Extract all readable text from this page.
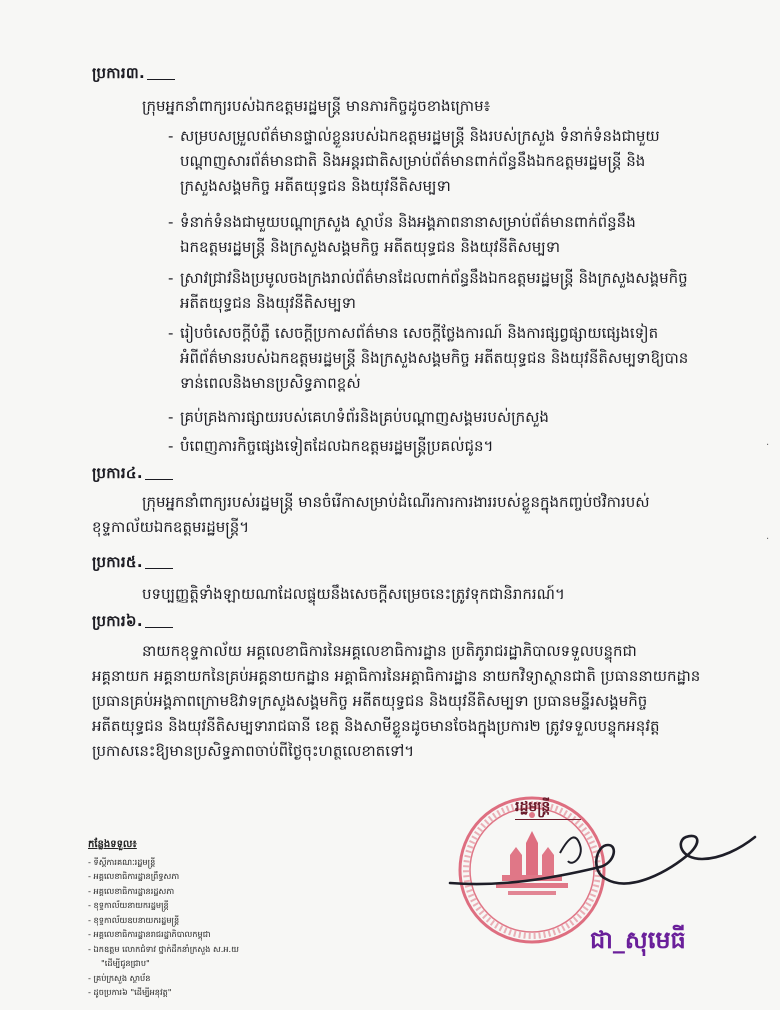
ប្រការ៣.
ក្រុមអ្នកនាំពាក្យរបស់ឯកឧត្តមរដ្ឋមន្ត្រី មានភារកិច្ចដូចខាងក្រោម៖
- សម្របសម្រួលព័ត៌មានផ្ទាល់ខ្លួនរបស់ឯកឧត្តមរដ្ឋមន្ត្រី និងរបស់ក្រសួង ទំនាក់ទំនងជាមួយ
បណ្តាញសារព័ត៌មានជាតិ និងអន្តរជាតិសម្រាប់ព័ត៌មានពាក់ព័ន្ធនឹងឯកឧត្តមរដ្ឋមន្ត្រី និង
ក្រសួងសង្គមកិច្ច អតីតយុទ្ធជន និងយុវនីតិសម្បទា
- ទំនាក់ទំនងជាមួយបណ្តាក្រសួង ស្ថាប័ន និងអង្គភាពនានាសម្រាប់ព័ត៌មានពាក់ព័ន្ធនឹង
ឯកឧត្តមរដ្ឋមន្ត្រី និងក្រសួងសង្គមកិច្ច អតីតយុទ្ធជន និងយុវនីតិសម្បទា
- ស្រាវជ្រាវនិងប្រមូលចងក្រងរាល់ព័ត៌មានដែលពាក់ព័ន្ធនឹងឯកឧត្តមរដ្ឋមន្ត្រី និងក្រសួងសង្គមកិច្ច
អតីតយុទ្ធជន និងយុវនីតិសម្បទា
- រៀបចំសេចក្តីបំភ្លឺ សេចក្តីប្រកាសព័ត៌មាន សេចក្តីថ្លែងការណ៍ និងការផ្សព្វផ្សាយផ្សេងទៀត
អំពីព័ត៌មានរបស់ឯកឧត្តមរដ្ឋមន្ត្រី និងក្រសួងសង្គមកិច្ច អតីតយុទ្ធជន និងយុវនីតិសម្បទាឱ្យបាន
ទាន់ពេលនិងមានប្រសិទ្ធភាពខ្ពស់
- គ្រប់គ្រងការផ្សាយរបស់គេហទំព័រនិងគ្រប់បណ្តាញសង្គមរបស់ក្រសួង
- បំពេញភារកិច្ចផ្សេងទៀតដែលឯកឧត្តមរដ្ឋមន្ត្រីប្រគល់ជូន។
ប្រការ៤.
ក្រុមអ្នកនាំពាក្យរបស់រដ្ឋមន្ត្រី មានចំរើកាសម្រាប់ដំណើរការការងាររបស់ខ្លួនក្នុងកញ្ចប់ថវិការបស់
ខុទ្ទកាល័យឯកឧត្តមរដ្ឋមន្ត្រី។
ប្រការ៥.
បទប្បញ្ញត្តិទាំងឡាយណាដែលផ្ទុយនឹងសេចក្តីសម្រេចនេះត្រូវទុកជានិរាករណ៍។
ប្រការ៦.
នាយកខុទ្ទកាល័យ អគ្គលេខាធិការនៃអគ្គលេខាធិការដ្ឋាន ប្រតិភូរាជរដ្ឋាភិបាលទទួលបន្ទុកជា
អគ្គនាយក អគ្គនាយកនៃគ្រប់អគ្គនាយកដ្ឋាន អគ្គាធិការនៃអគ្គាធិការដ្ឋាន នាយកវិទ្យាស្ថានជាតិ ប្រធាននាយកដ្ឋាន
ប្រធានគ្រប់អង្គភាពក្រោមឱវាទក្រសួងសង្គមកិច្ច អតីតយុទ្ធជន និងយុវនីតិសម្បទា ប្រធានមន្ទីរសង្គមកិច្ច
អតីតយុទ្ធជន និងយុវនីតិសម្បទារាជធានី ខេត្ត និងសាមីខ្លួនដូចមានចែងក្នុងប្រការ២ ត្រូវទទួលបន្ទុកអនុវត្ត
ប្រកាសនេះឱ្យមានប្រសិទ្ធភាពចាប់ពីថ្ងៃចុះហត្ថលេខាតទៅ។
រដ្ឋមន្ត្រី
ជា_សុមេធី
កន្លែងទទួល៖
- ទីស្តីការគណៈរដ្ឋមន្ត្រី
- អគ្គលេខាធិការដ្ឋានព្រឹទ្ធសភា
- អគ្គលេខាធិការដ្ឋានរដ្ឋសភា
- ខុទ្ទកាល័យនាយករដ្ឋមន្ត្រី
- ខុទ្ទកាល័យឧបនាយករដ្ឋមន្ត្រី
- អគ្គលេខាធិការដ្ឋានរាជរដ្ឋាភិបាលកម្ពុជា
- ឯកឧត្តម លោកជំទាវ ថ្នាក់ដឹកនាំក្រសួង ស.អ.យ
"ដើម្បីជូនជ្រាប"
- គ្រប់ក្រសួង ស្ថាប័ន
- ដូចប្រការ៦ "ដើម្បីអនុវត្ត"
·
·
